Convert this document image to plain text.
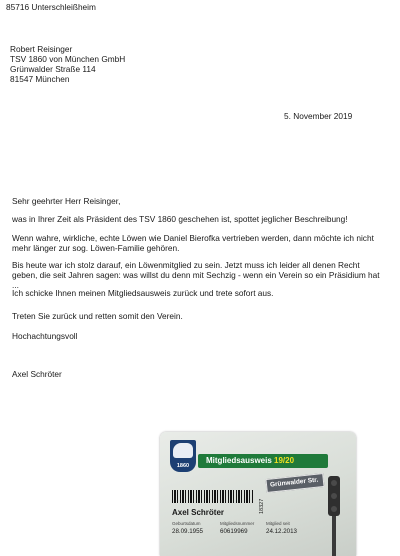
85716 Unterschleißheim
Robert Reisinger
TSV 1860 von München GmbH
Grünwalder Straße 114
81547 München
5. November 2019
Sehr geehrter Herr Reisinger,
was in Ihrer Zeit als Präsident des TSV 1860 geschehen ist, spottet jeglicher Beschreibung!
Wenn wahre, wirkliche, echte Löwen wie Daniel Bierofka vertrieben werden, dann möchte ich nicht mehr länger zur sog. Löwen-Familie gehören.
Bis heute war ich stolz darauf, ein Löwenmitglied zu sein. Jetzt muss ich leider all denen Recht geben, die seit Jahren sagen: was willst du denn mit Sechzig - wenn ein Verein so ein Präsidium hat ...
Ich schicke Ihnen meinen Mitgliedsausweis zurück und trete sofort aus.
Treten Sie zurück und retten somit den Verein.
Hochachtungsvoll
Axel Schröter
1860
Mitgliedsausweis 19/20
Grünwalder Str.
18327
Axel Schröter
Geburtsdatum
28.09.1955
Mitgliedsnummer
60619969
Mitglied seit
24.12.2013
